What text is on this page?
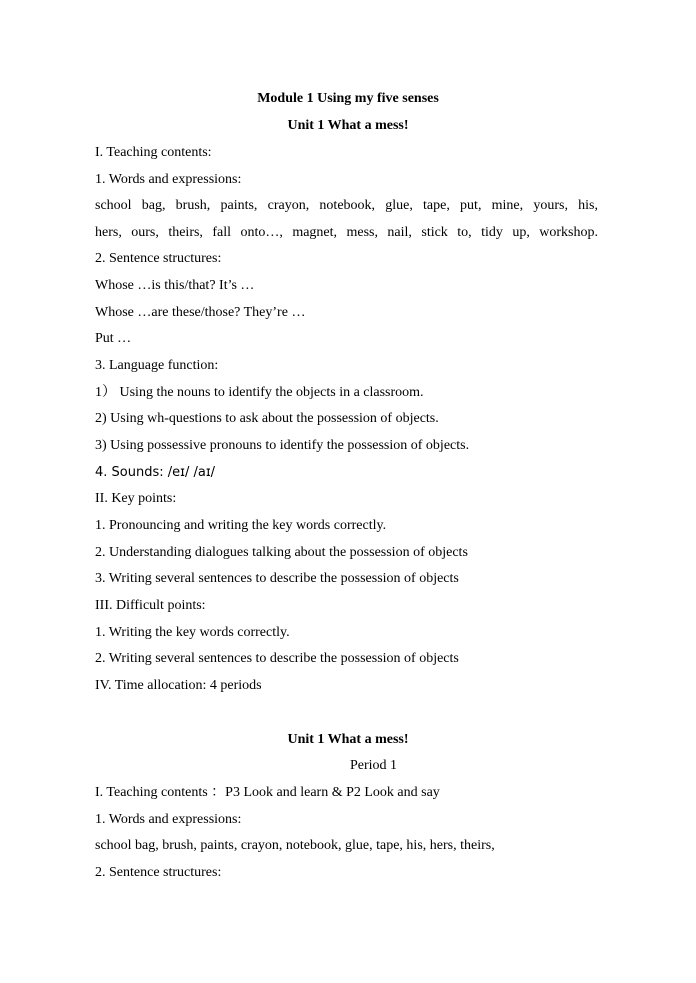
Module 1 Using my five senses
Unit 1 What a mess!
I. Teaching contents:
1. Words and expressions:
school bag, brush, paints, crayon, notebook, glue, tape, put, mine, yours, his,
hers, ours, theirs, fall onto…, magnet, mess, nail, stick to, tidy up, workshop.
2. Sentence structures:
Whose …is this/that? It’s …
Whose …are these/those? They’re …
Put …
3. Language function:
1） Using the nouns to identify the objects in a classroom.
2) Using wh-questions to ask about the possession of objects.
3) Using possessive pronouns to identify the possession of objects.
4. Sounds: /eɪ/ /aɪ/
II. Key points:
1. Pronouncing and writing the key words correctly.
2. Understanding dialogues talking about the possession of objects
3. Writing several sentences to describe the possession of objects
III. Difficult points:
1. Writing the key words correctly.
2. Writing several sentences to describe the possession of objects
IV. Time allocation: 4 periods
Unit 1 What a mess!
Period 1
I. Teaching contents ：P3 Look and learn & P2 Look and say
1. Words and expressions:
school bag, brush, paints, crayon, notebook, glue, tape, his, hers, theirs,
2. Sentence structures:
